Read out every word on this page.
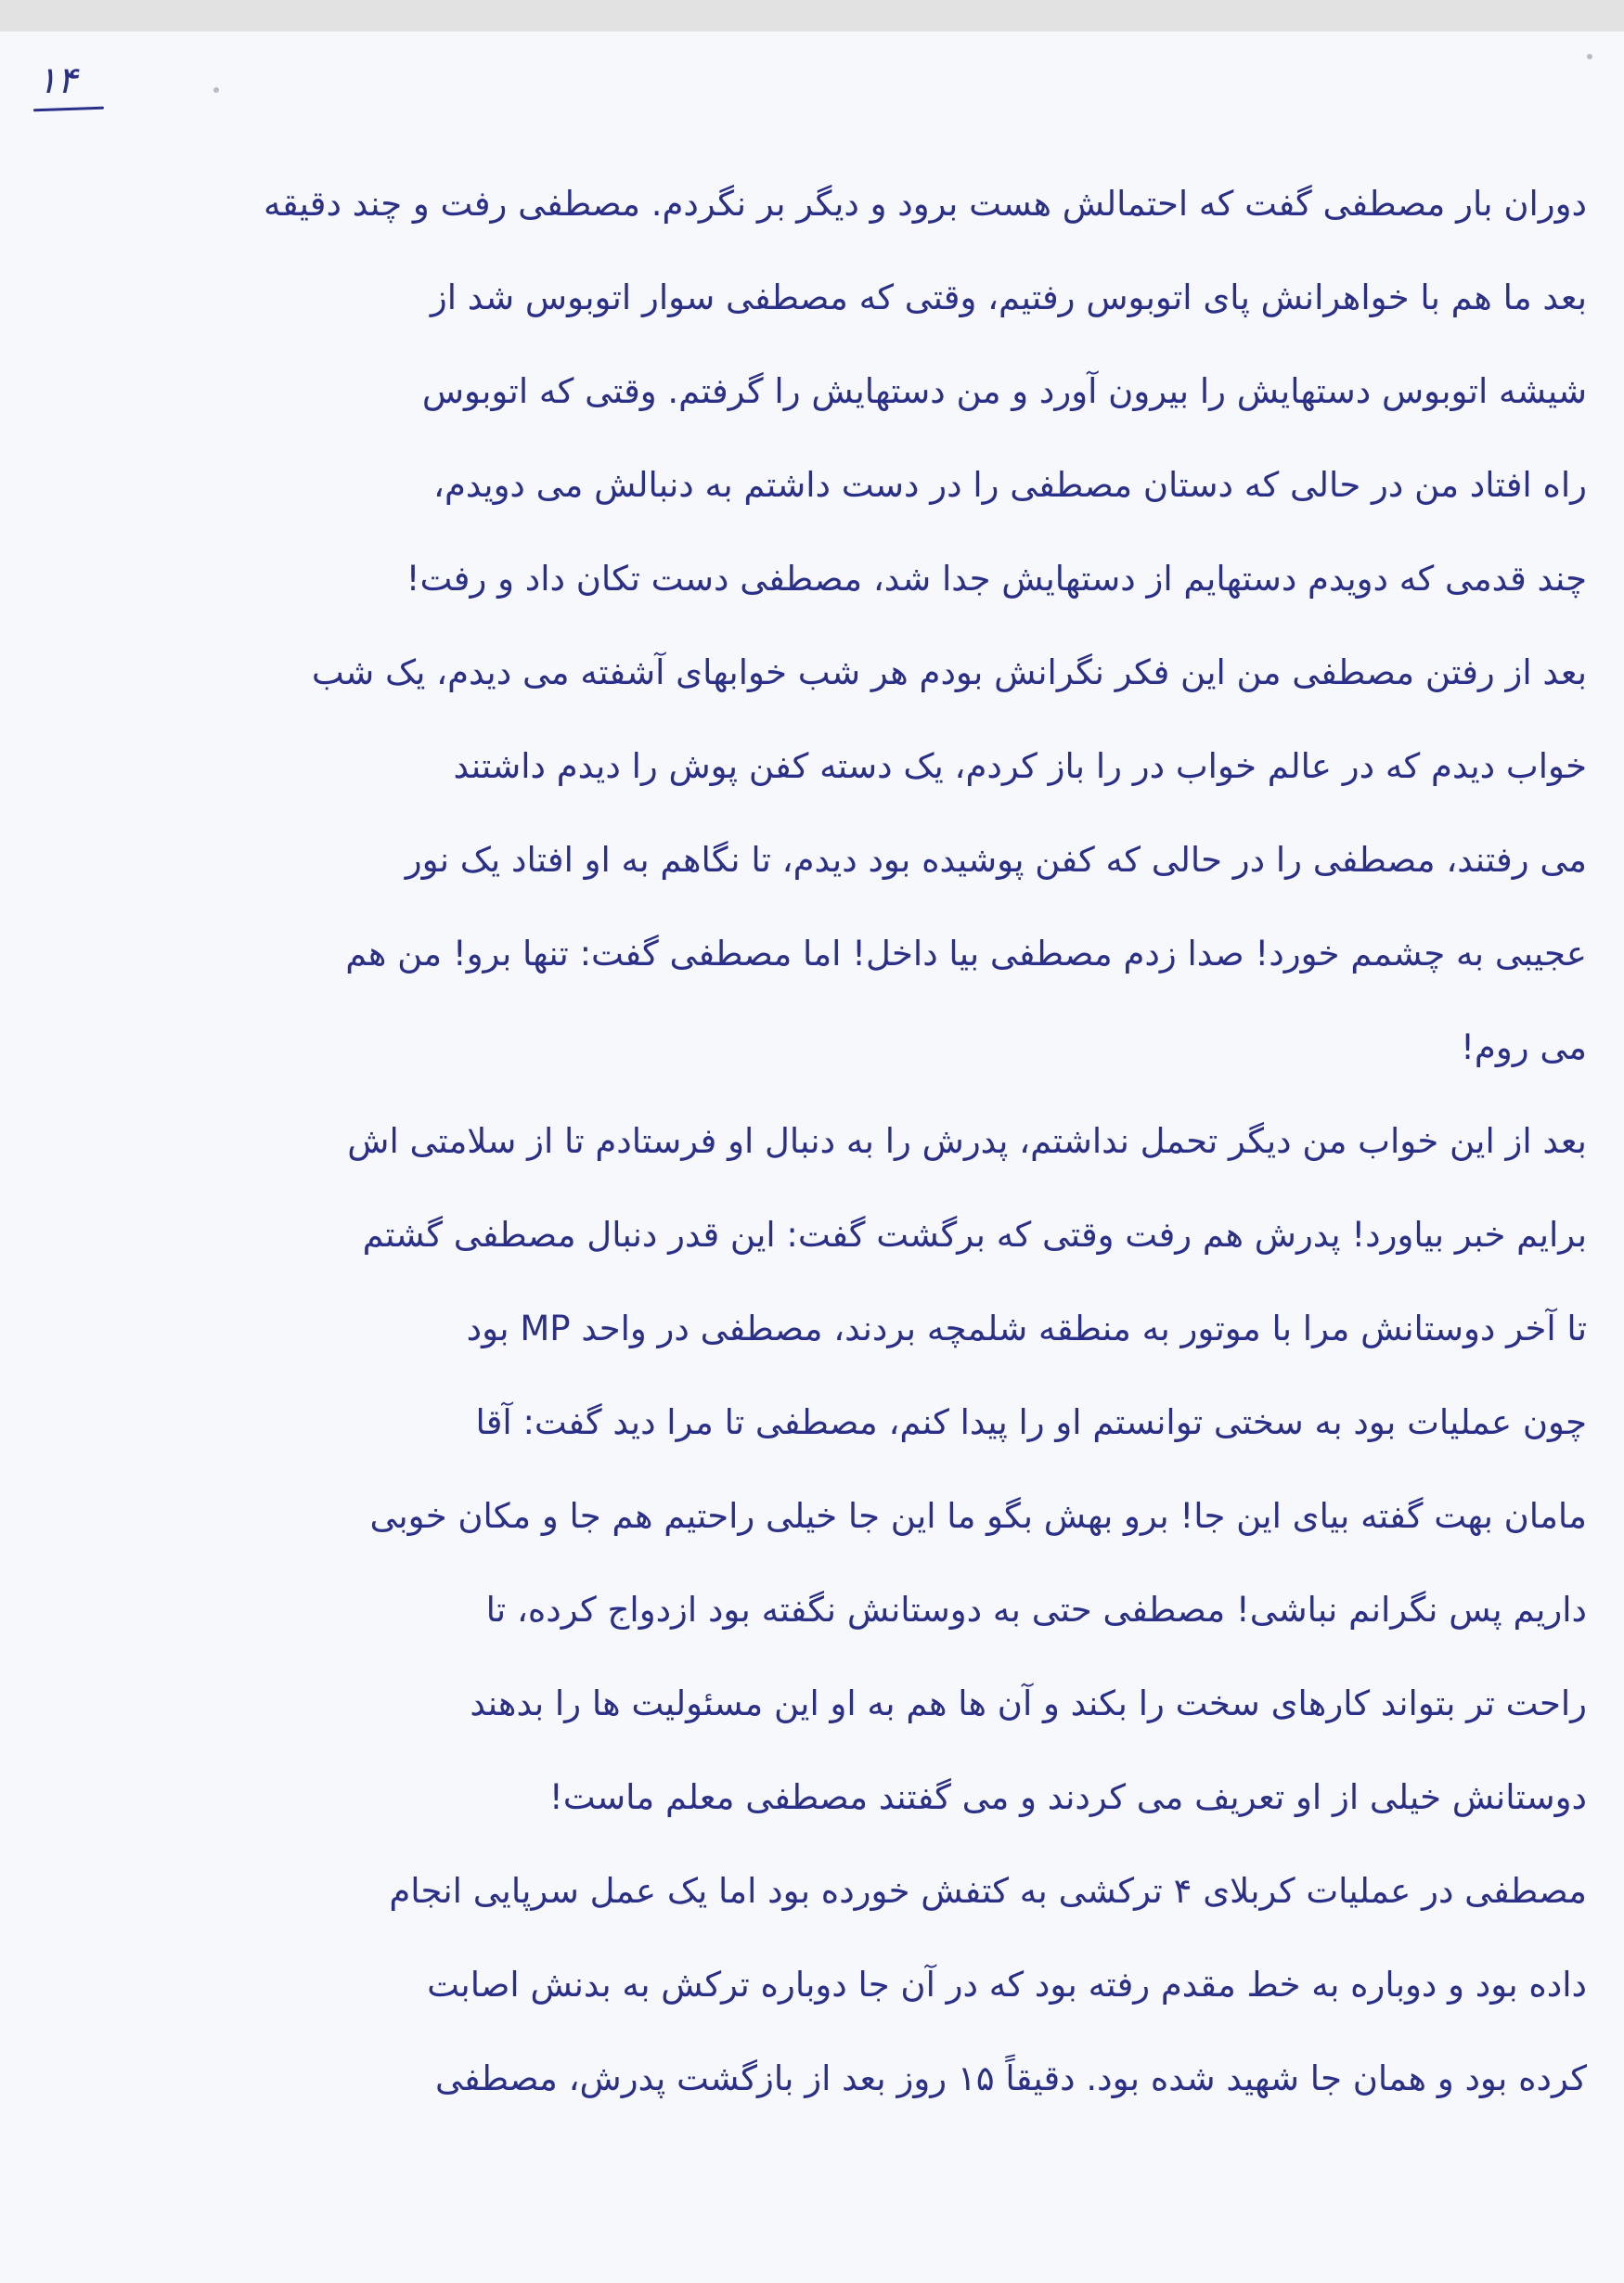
۱۴
دوران بار مصطفی گفت که احتمالش هست برود و دیگر بر نگردم. مصطفی رفت و چند دقیقه
بعد ما هم با خواهرانش پای اتوبوس رفتیم، وقتی که مصطفی سوار اتوبوس شد از
شیشه اتوبوس دستهایش را بیرون آورد و من دستهایش را گرفتم. وقتی که اتوبوس
راه افتاد من در حالی که دستان مصطفی را در دست داشتم به دنبالش می دویدم،
چند قدمی که دویدم دستهایم از دستهایش جدا شد، مصطفی دست تکان داد و رفت!
بعد از رفتن مصطفی من این فکر نگرانش بودم هر شب خوابهای آشفته می دیدم، یک شب
خواب دیدم که در عالم خواب در را باز کردم، یک دسته کفن پوش را دیدم داشتند
می رفتند، مصطفی را در حالی که کفن پوشیده بود دیدم، تا نگاهم به او افتاد یک نور
عجیبی به چشمم خورد! صدا زدم مصطفی بیا داخل! اما مصطفی گفت: تنها برو! من هم
می روم!
بعد از این خواب من دیگر تحمل نداشتم، پدرش را به دنبال او فرستادم تا از سلامتی اش
برایم خبر بیاورد! پدرش هم رفت وقتی که برگشت گفت: این قدر دنبال مصطفی گشتم
تا آخر دوستانش مرا با موتور به منطقه شلمچه بردند، مصطفی در واحد MP بود
چون عملیات بود به سختی توانستم او را پیدا کنم، مصطفی تا مرا دید گفت: آقا
مامان بهت گفته بیای این جا! برو بهش بگو ما این جا خیلی راحتیم هم جا و مکان خوبی
داریم پس نگرانم نباشی! مصطفی حتی به دوستانش نگفته بود ازدواج کرده، تا
راحت تر بتواند کارهای سخت را بکند و آن ها هم به او این مسئولیت ها را بدهند
دوستانش خیلی از او تعریف می کردند و می گفتند مصطفی معلم ماست!
مصطفی در عملیات کربلای ۴ ترکشی به کتفش خورده بود اما یک عمل سرپایی انجام
داده بود و دوباره به خط مقدم رفته بود که در آن جا دوباره ترکش به بدنش اصابت
کرده بود و همان جا شهید شده بود. دقیقاً ۱۵ روز بعد از بازگشت پدرش، مصطفی
